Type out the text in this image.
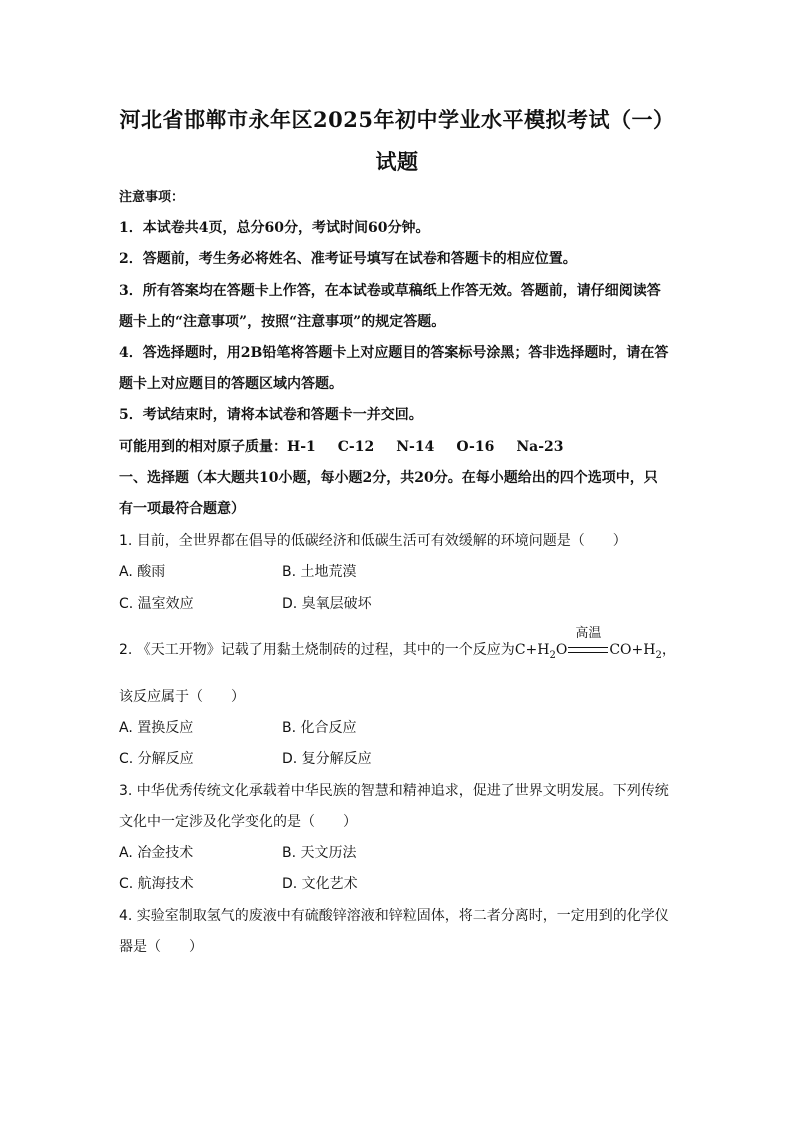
河北省邯郸市永年区2025年初中学业水平模拟考试（一）
试题
注意事项：
1．本试卷共4页，总分60分，考试时间60分钟。
2．答题前，考生务必将姓名、准考证号填写在试卷和答题卡的相应位置。
3．所有答案均在答题卡上作答，在本试卷或草稿纸上作答无效。答题前，请仔细阅读答
题卡上的“注意事项”，按照“注意事项”的规定答题。
4．答选择题时，用2B铅笔将答题卡上对应题目的答案标号涂黑；答非选择题时，请在答
题卡上对应题目的答题区域内答题。
5．考试结束时，请将本试卷和答题卡一并交回。
可能用到的相对原子质量：H-1 C-12 N-14 O-16 Na-23
一、选择题（本大题共10小题，每小题2分，共20分。在每小题给出的四个选项中，只
有一项最符合题意）
1. 目前，全世界都在倡导的低碳经济和低碳生活可有效缓解的环境问题是（　　）
A. 酸雨	B. 土地荒漠
C. 温室效应	D. 臭氧层破坏
2. 《天工开物》记载了用黏土烧制砖的过程，其中的一个反应为$C+H_2O$
高温
$CO+H_2$，
该反应属于（　　）
A. 置换反应	B. 化合反应
C. 分解反应	D. 复分解反应
3. 中华优秀传统文化承载着中华民族的智慧和精神追求，促进了世界文明发展。下列传统
文化中一定涉及化学变化的是（　　）
A. 冶金技术	B. 天文历法
C. 航海技术	D. 文化艺术
4. 实验室制取氢气的废液中有硫酸锌溶液和锌粒固体，将二者分离时，一定用到的化学仪
器是（　　）
